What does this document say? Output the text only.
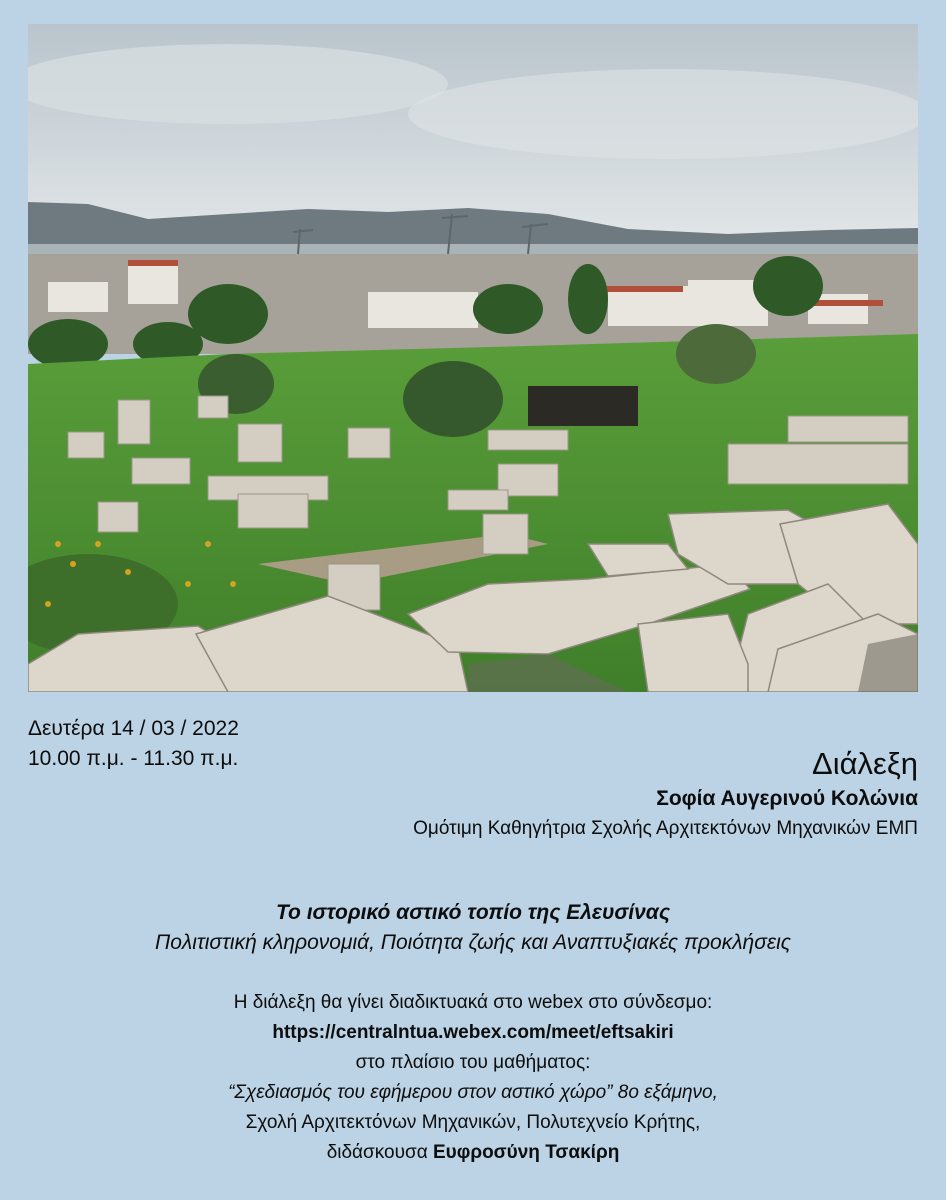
Δευτέρα 14 / 03 / 2022
10.00 π.μ. - 11.30 π.μ.	Διάλεξη
Σοφία Αυγερινού Κολώνια
Ομότιμη Καθηγήτρια Σχολής Αρχιτεκτόνων Μηχανικών ΕΜΠ
Το ιστορικό αστικό τοπίο της Ελευσίνας
Πολιτιστική κληρονομιά, Ποιότητα ζωής και Αναπτυξιακές προκλήσεις
Η διάλεξη θα γίνει διαδικτυακά στο webex στο σύνδεσμο:
https://centralntua.webex.com/meet/eftsakiri
στο πλαίσιο του μαθήματος:
“Σχεδιασμός του εφήμερου στον αστικό χώρο” 8ο εξάμηνο,
Σχολή Αρχιτεκτόνων Μηχανικών, Πολυτεχνείο Κρήτης,
διδάσκουσα Ευφροσύνη Τσακίρη
